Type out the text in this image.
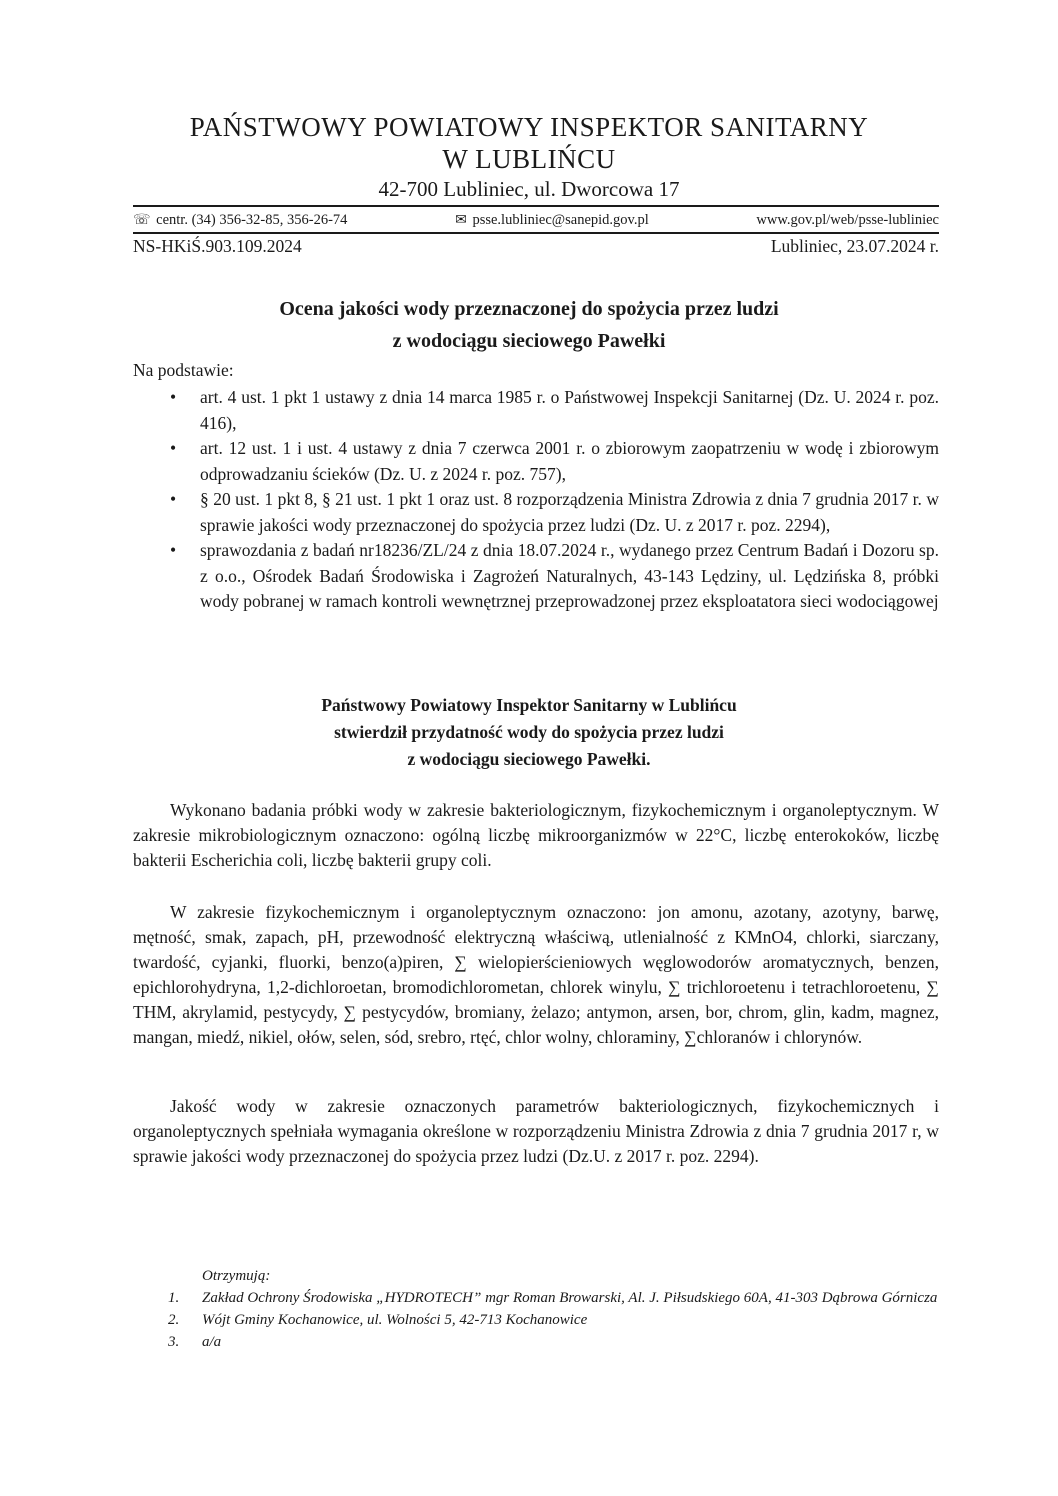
PAŃSTWOWY POWIATOWY INSPEKTOR SANITARNY
W LUBLIŃCU
42-700 Lubliniec, ul. Dworcowa 17
☏ centr. (34) 356-32-85, 356-26-74	✉ psse.lubliniec@sanepid.gov.pl	www.gov.pl/web/psse-lubliniec
NS-HKiŚ.903.109.2024	Lubliniec, 23.07.2024 r.
Ocena jakości wody przeznaczonej do spożycia przez ludzi
z wodociągu sieciowego Pawełki
Na podstawie:
• art. 4 ust. 1 pkt 1 ustawy z dnia 14 marca 1985 r. o Państwowej Inspekcji Sanitarnej (Dz. U. 2024 r. poz. 416),
• art. 12 ust. 1 i ust. 4 ustawy z dnia 7 czerwca 2001 r. o zbiorowym zaopatrzeniu w wodę i zbiorowym odprowadzaniu ścieków (Dz. U. z 2024 r. poz. 757),
• § 20 ust. 1 pkt 8, § 21 ust. 1 pkt 1 oraz ust. 8 rozporządzenia Ministra Zdrowia z dnia 7 grudnia 2017 r. w sprawie jakości wody przeznaczonej do spożycia przez ludzi (Dz. U. z 2017 r. poz. 2294),
• sprawozdania z badań nr18236/ZL/24 z dnia 18.07.2024 r., wydanego przez Centrum Badań i Dozoru sp. z o.o., Ośrodek Badań Środowiska i Zagrożeń Naturalnych, 43-143 Lędziny, ul. Lędzińska 8, próbki wody pobranej w ramach kontroli wewnętrznej przeprowadzonej przez eksploatatora sieci wodociągowej
Państwowy Powiatowy Inspektor Sanitarny w Lublińcu
stwierdził przydatność wody do spożycia przez ludzi
z wodociągu sieciowego Pawełki.

Wykonano badania próbki wody w zakresie bakteriologicznym, fizykochemicznym i organoleptycznym. W zakresie mikrobiologicznym oznaczono: ogólną liczbę mikroorganizmów w 22°C, liczbę enterokoków, liczbę bakterii Escherichia coli, liczbę bakterii grupy coli.

W zakresie fizykochemicznym i organoleptycznym oznaczono: jon amonu, azotany, azotyny, barwę, mętność, smak, zapach, pH, przewodność elektryczną właściwą, utlenialność z KMnO4, chlorki, siarczany, twardość, cyjanki, fluorki, benzo(a)piren, ∑ wielopierścieniowych węglowodorów aromatycznych, benzen, epichlorohydryna, 1,2-dichloroetan, bromodichlorometan, chlorek winylu, ∑ trichloroetenu i tetrachloroetenu, ∑ THM, akrylamid, pestycydy, ∑ pestycydów, bromiany, żelazo; antymon, arsen, bor, chrom, glin, kadm, magnez, mangan, miedź, nikiel, ołów, selen, sód, srebro, rtęć, chlor wolny, chloraminy, ∑chloranów i chlorynów.

Jakość wody w zakresie oznaczonych parametrów bakteriologicznych, fizykochemicznych i organoleptycznych spełniała wymagania określone w rozporządzeniu Ministra Zdrowia z dnia 7 grudnia 2017 r, w sprawie jakości wody przeznaczonej do spożycia przez ludzi (Dz.U. z 2017 r. poz. 2294).

Otrzymują:
1. Zakład Ochrony Środowiska „HYDROTECH” mgr Roman Browarski, Al. J. Piłsudskiego 60A, 41-303 Dąbrowa Górnicza
2. Wójt Gminy Kochanowice, ul. Wolności 5, 42-713 Kochanowice
3. a/a
